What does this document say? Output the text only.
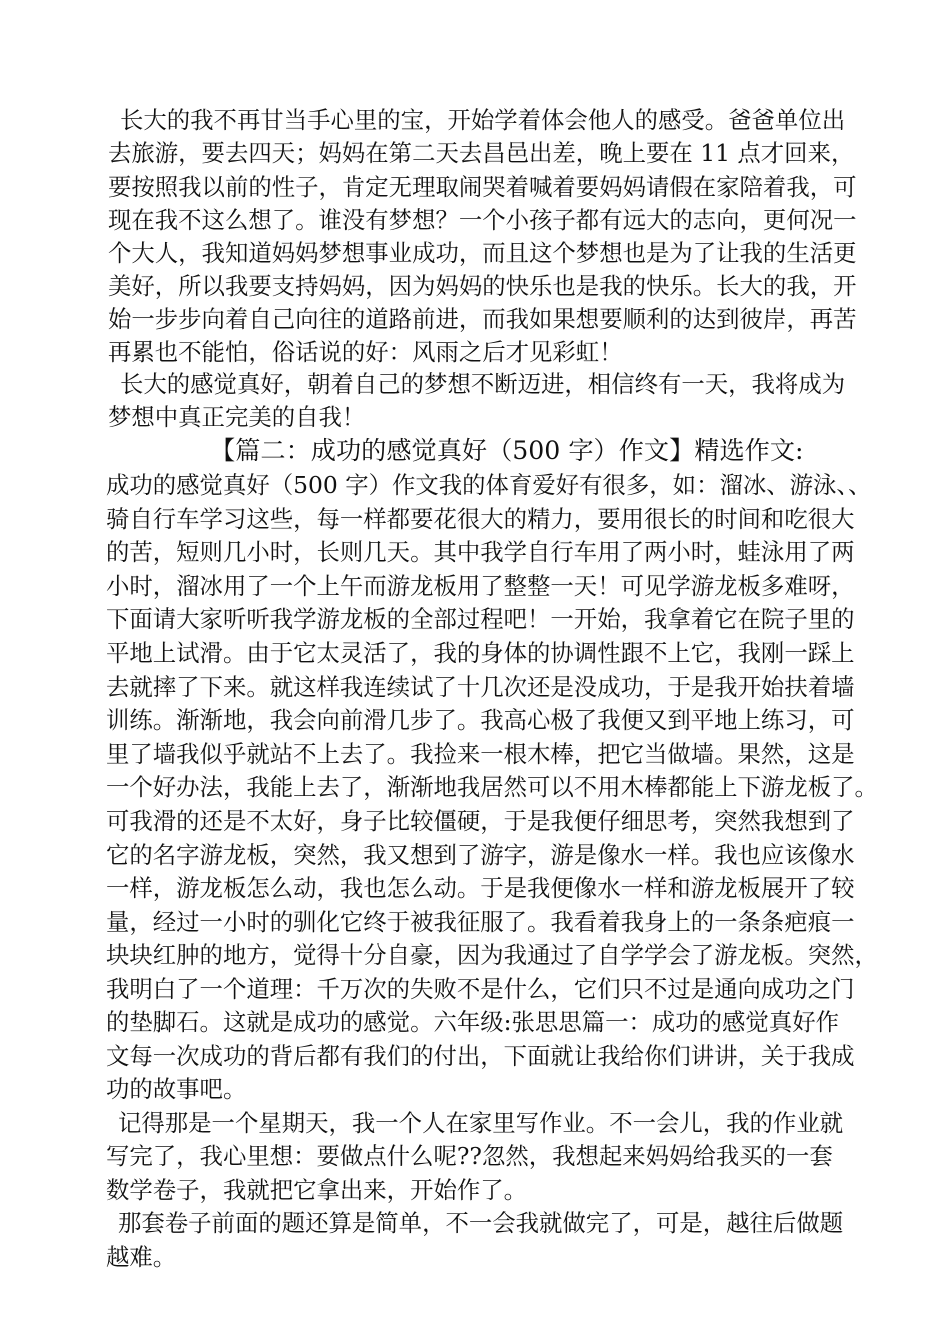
长大的我不再甘当手心里的宝，开始学着体会他人的感受。爸爸单位出
去旅游，要去四天；妈妈在第二天去昌邑出差，晚上要在 11 点才回来，
要按照我以前的性子，肯定无理取闹哭着喊着要妈妈请假在家陪着我，可
现在我不这么想了。谁没有梦想？一个小孩子都有远大的志向，更何况一
个大人，我知道妈妈梦想事业成功，而且这个梦想也是为了让我的生活更
美好，所以我要支持妈妈，因为妈妈的快乐也是我的快乐。长大的我，开
始一步步向着自己向往的道路前进，而我如果想要顺利的达到彼岸，再苦
再累也不能怕，俗话说的好：风雨之后才见彩虹！
长大的感觉真好，朝着自己的梦想不断迈进，相信终有一天，我将成为
梦想中真正完美的自我！
【篇二：成功的感觉真好（500 字）作文】精选作文:
成功的感觉真好（500 字）作文我的体育爱好有很多，如：溜冰、游泳、、
骑自行车学习这些，每一样都要花很大的精力，要用很长的时间和吃很大
的苦，短则几小时，长则几天。其中我学自行车用了两小时，蛙泳用了两
小时，溜冰用了一个上午而游龙板用了整整一天！可见学游龙板多难呀，
下面请大家听听我学游龙板的全部过程吧！一开始，我拿着它在院子里的
平地上试滑。由于它太灵活了，我的身体的协调性跟不上它，我刚一踩上
去就摔了下来。就这样我连续试了十几次还是没成功，于是我开始扶着墙
训练。渐渐地，我会向前滑几步了。我高心极了我便又到平地上练习，可
里了墙我似乎就站不上去了。我捡来一根木棒，把它当做墙。果然，这是
一个好办法，我能上去了，渐渐地我居然可以不用木棒都能上下游龙板了。
可我滑的还是不太好，身子比较僵硬，于是我便仔细思考，突然我想到了
它的名字游龙板，突然，我又想到了游字，游是像水一样。我也应该像水
一样，游龙板怎么动，我也怎么动。于是我便像水一样和游龙板展开了较
量，经过一小时的驯化它终于被我征服了。我看着我身上的一条条疤痕一
块块红肿的地方，觉得十分自豪，因为我通过了自学学会了游龙板。突然，
我明白了一个道理：千万次的失败不是什么，它们只不过是通向成功之门
的垫脚石。这就是成功的感觉。六年级:张思思篇一：成功的感觉真好作
文每一次成功的背后都有我们的付出，下面就让我给你们讲讲，关于我成
功的故事吧。
记得那是一个星期天，我一个人在家里写作业。不一会儿，我的作业就
写完了，我心里想：要做点什么呢??忽然，我想起来妈妈给我买的一套
数学卷子，我就把它拿出来，开始作了。
那套卷子前面的题还算是简单，不一会我就做完了，可是，越往后做题
越难。
